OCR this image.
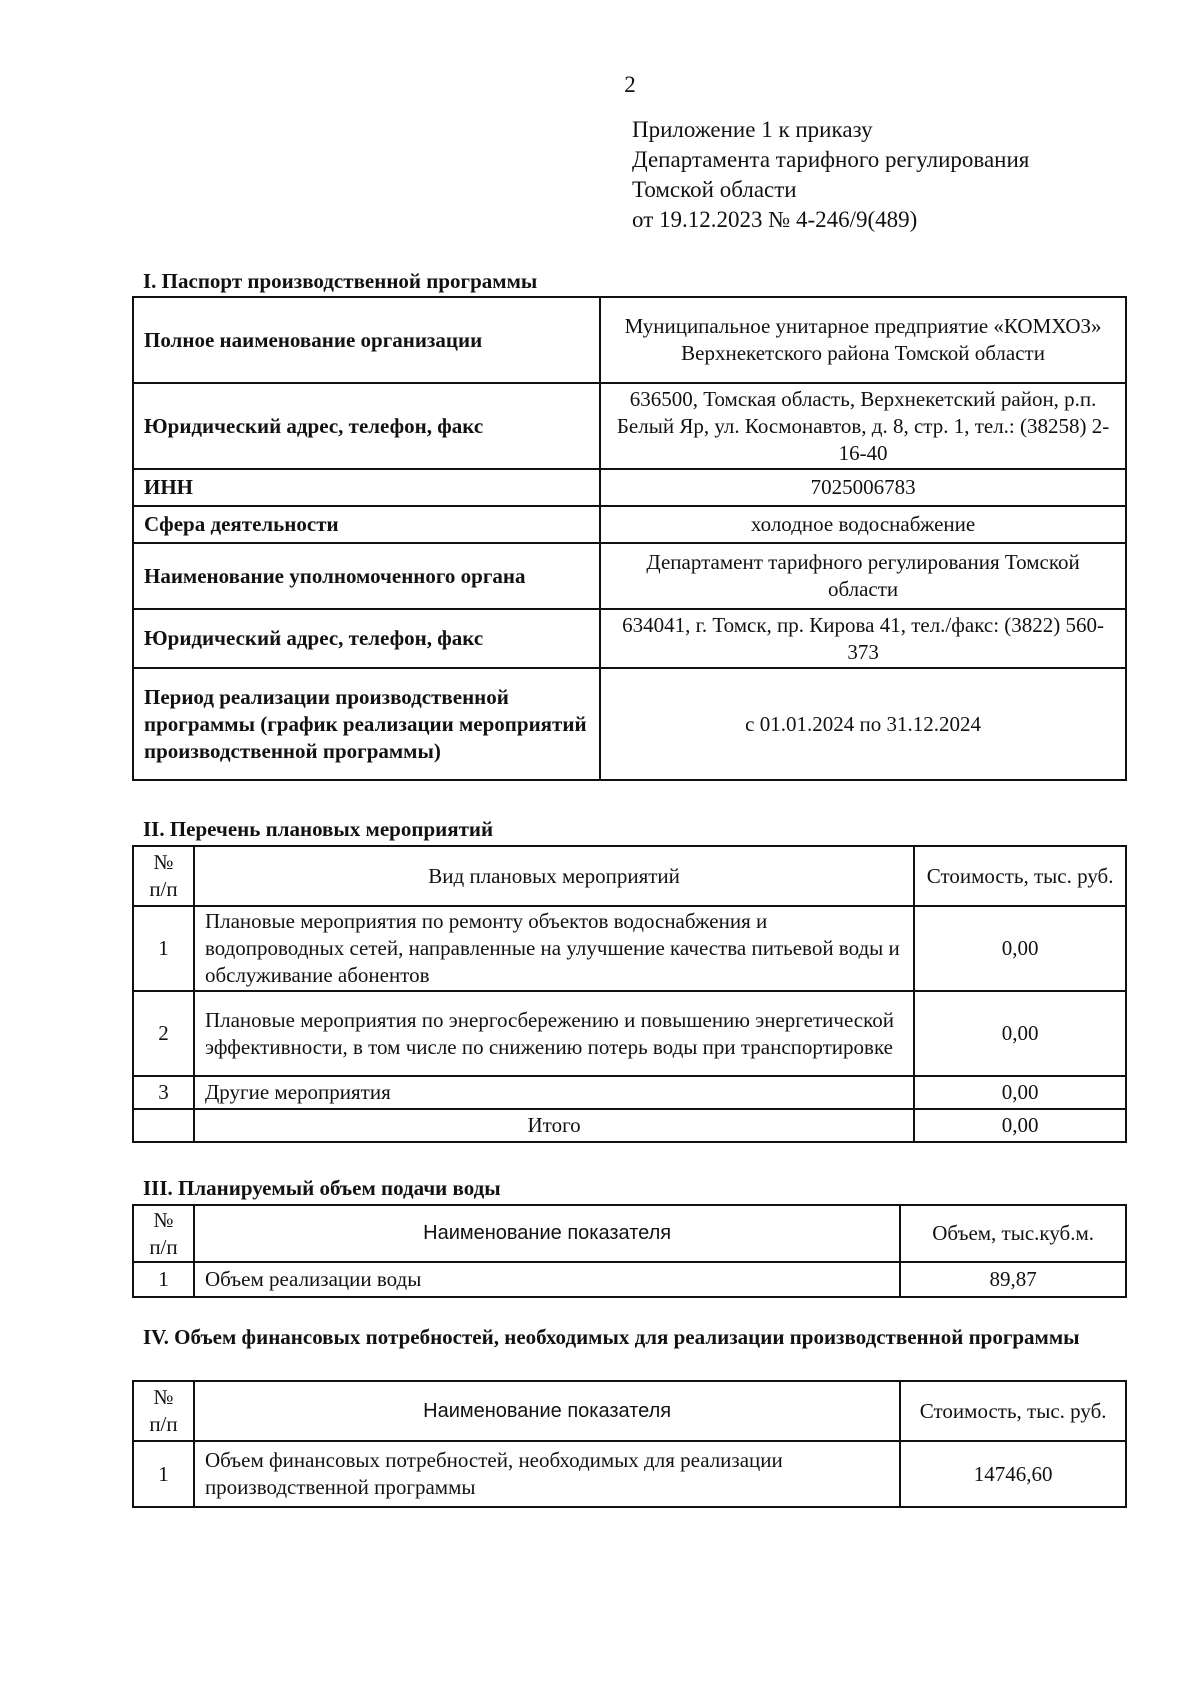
2
Приложение 1 к приказу
Департамента тарифного регулирования
Томской области
от 19.12.2023 № 4-246/9(489)
I. Паспорт производственной программы
Полное наименование организации	Муниципальное унитарное предприятие «КОМХОЗ» Верхнекетского района Томской области
Юридический адрес, телефон, факс	636500, Томская область, Верхнекетский район, р.п. Белый Яр, ул. Космонавтов, д. 8, стр. 1, тел.: (38258) 2-16-40
ИНН	7025006783
Сфера деятельности	холодное водоснабжение
Наименование уполномоченного органа	Департамент тарифного регулирования Томской области
Юридический адрес, телефон, факс	634041, г. Томск, пр. Кирова 41, тел./факс: (3822) 560-373
Период реализации производственной программы (график реализации мероприятий производственной программы)	с 01.01.2024 по 31.12.2024
II. Перечень плановых мероприятий
№ п/п	Вид плановых мероприятий	Стоимость, тыс. руб.
1	Плановые мероприятия по ремонту объектов водоснабжения и водопроводных сетей, направленные на улучшение качества питьевой воды и обслуживание абонентов	0,00
2	Плановые мероприятия по энергосбережению и повышению энергетической эффективности, в том числе по снижению потерь воды при транспортировке	0,00
3	Другие мероприятия	0,00
	Итого	0,00
III. Планируемый объем подачи воды
№ п/п	Наименование показателя	Объем, тыс.куб.м.
1	Объем реализации воды	89,87
IV. Объем финансовых потребностей, необходимых для реализации производственной программы
№ п/п	Наименование показателя	Стоимость, тыс. руб.
1	Объем финансовых потребностей, необходимых для реализации производственной программы	14746,60
